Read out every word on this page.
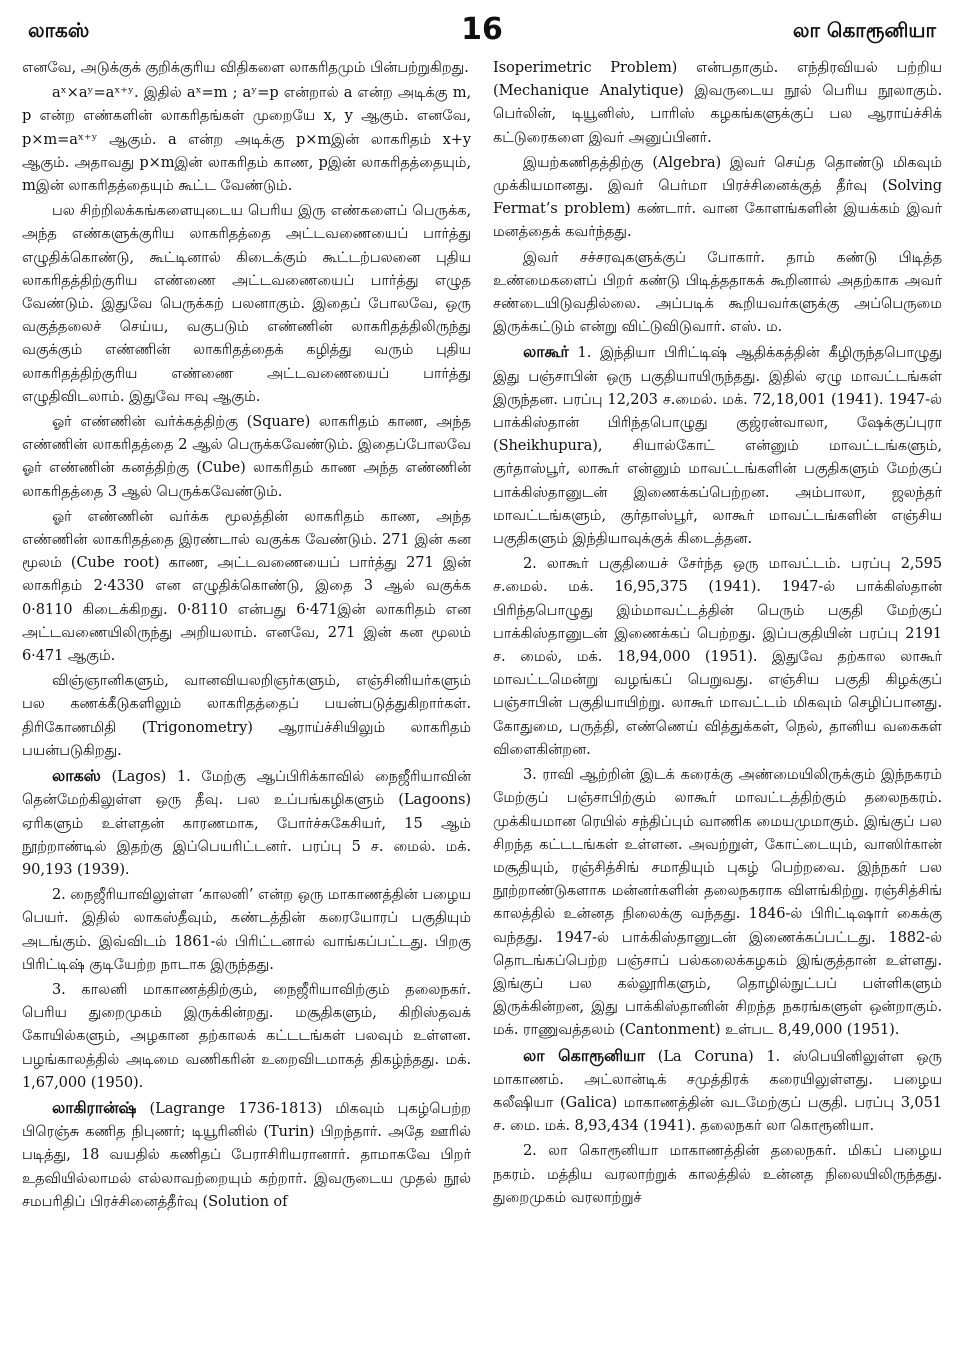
லாகஸ்	16	லா கொரூனியா

எனவே, அடுக்குக் குறிக்குரிய விதிகளை லாகரிதமும் பின்பற்றுகிறது.

aˣ×aʸ=aˣ⁺ʸ. இதில் aˣ=m ; aʸ=p என்றால் a என்ற அடிக்கு m, p என்ற எண்களின் லாகரிதங்கள் முறையே x, y ஆகும். எனவே, p×m=aˣ⁺ʸ ஆகும். a என்ற அடிக்கு p×mஇன் லாகரிதம் x+y ஆகும். அதாவது p×mஇன் லாகரிதம் காண, pஇன் லாகரிதத்தையும், mஇன் லாகரிதத்தையும் கூட்ட வேண்டும்.

பல சிற்றிலக்கங்களையுடைய பெரிய இரு எண்களைப் பெருக்க, அந்த எண்களுக்குரிய லாகரிதத்தை அட்டவணையைப் பார்த்து எழுதிக்கொண்டு, கூட்டினால் கிடைக்கும் கூட்டற்பலனை புதிய லாகரிதத்திற்குரிய எண்ணை அட்டவணையைப் பார்த்து எழுத வேண்டும். இதுவே பெருக்கற் பலனாகும். இதைப் போலவே, ஒரு வகுத்தலைச் செய்ய, வகுபடும் எண்ணின் லாகரிதத்திலிருந்து வகுக்கும் எண்ணின் லாகரிதத்தைக் கழித்து வரும் புதிய லாகரிதத்திற்குரிய எண்ணை அட்டவணையைப் பார்த்து எழுதிவிடலாம். இதுவே ஈவு ஆகும்.

ஓர் எண்ணின் வர்க்கத்திற்கு (Square) லாகரிதம் காண, அந்த எண்ணின் லாகரிதத்தை 2 ஆல் பெருக்கவேண்டும். இதைப்போலவே ஓர் எண்ணின் கனத்திற்கு (Cube) லாகரிதம் காண அந்த எண்ணின் லாகரிதத்தை 3 ஆல் பெருக்கவேண்டும்.

ஓர் எண்ணின் வர்க்க மூலத்தின் லாகரிதம் காண, அந்த எண்ணின் லாகரிதத்தை இரண்டால் வகுக்க வேண்டும். 271 இன் கன மூலம் (Cube root) காண, அட்டவணையைப் பார்த்து 271 இன் லாகரிதம் 2·4330 என எழுதிக்கொண்டு, இதை 3 ஆல் வகுக்க 0·8110 கிடைக்கிறது. 0·8110 என்பது 6·471இன் லாகரிதம் என அட்டவணையிலிருந்து அறியலாம். எனவே, 271 இன் கன மூலம் 6·471 ஆகும்.

விஞ்ஞானிகளும், வானவியலறிஞர்களும், எஞ்சினியர்களும் பல கணக்கீடுகளிலும் லாகரிதத்தைப் பயன்படுத்துகிறார்கள். திரிகோணமிதி (Trigonometry) ஆராய்ச்சியிலும் லாகரிதம் பயன்படுகிறது.

லாகஸ் (Lagos) 1. மேற்கு ஆப்பிரிக்காவில் நைஜீரியாவின் தென்மேற்கிலுள்ள ஒரு தீவு. பல உப்பங்கழிகளும் (Lagoons) ஏரிகளும் உள்ளதன் காரணமாக, போர்ச்சுகேசியர், 15 ஆம் நூற்றாண்டில் இதற்கு இப்பெயரிட்டனர். பரப்பு 5 ச. மைல். மக். 90,193 (1939).

2. நைஜீரியாவிலுள்ள ‘காலனி’ என்ற ஒரு மாகாணத்தின் பழைய பெயர். இதில் லாகஸ்தீவும், கண்டத்தின் கரையோரப் பகுதியும் அடங்கும். இவ்விடம் 1861-ல் பிரிட்டனால் வாங்கப்பட்டது. பிறகு பிரிட்டிஷ் குடியேற்ற நாடாக இருந்தது.

3. காலனி மாகாணத்திற்கும், நைஜீரியாவிற்கும் தலைநகர். பெரிய துறைமுகம் இருக்கின்றது. மசூதிகளும், கிறிஸ்தவக் கோயில்களும், அழகான தற்காலக் கட்டடங்கள் பலவும் உள்ளன. பழங்காலத்தில் அடிமை வணிகரின் உறைவிடமாகத் திகழ்ந்தது. மக். 1,67,000 (1950).

லாகிரான்ஷ் (Lagrange 1736-1813) மிகவும் புகழ்பெற்ற பிரெஞ்சு கணித நிபுணர்; டியூரினில் (Turin) பிறந்தார். அதே ஊரில் படித்து, 18 வயதில் கணிதப் பேராசிரியரானார். தாமாகவே பிறர் உதவியில்லாமல் எல்லாவற்றையும் கற்றார். இவருடைய முதல் நூல் சமபரிதிப் பிரச்சினைத்தீர்வு (Solution of

Isoperimetric Problem) என்பதாகும். எந்திரவியல் பற்றிய (Mechanique Analytique) இவருடைய நூல் பெரிய நூலாகும். பெர்லின், டியூனிஸ், பாரிஸ் கழகங்களுக்குப் பல ஆராய்ச்சிக் கட்டுரைகளை இவர் அனுப்பினர்.

இயற்கணிதத்திற்கு (Algebra) இவர் செய்த தொண்டு மிகவும் முக்கியமானது. இவர் பெர்மா பிரச்சினைக்குத் தீர்வு (Solving Fermat’s problem) கண்டார். வான கோளங்களின் இயக்கம் இவர் மனத்தைக் கவர்ந்தது.

இவர் சச்சரவுகளுக்குப் போகார். தாம் கண்டு பிடித்த உண்மைகளைப் பிறர் கண்டு பிடித்ததாகக் கூறினால் அதற்காக அவர் சண்டையிடுவதில்லை. அப்படிக் கூறியவர்களுக்கு அப்பெருமை இருக்கட்டும் என்று விட்டுவிடுவார். எஸ். ம.

லாகூர் 1. இந்தியா பிரிட்டிஷ் ஆதிக்கத்தின் கீழிருந்தபொழுது இது பஞ்சாபின் ஒரு பகுதியாயிருந்தது. இதில் ஏழு மாவட்டங்கள் இருந்தன. பரப்பு 12,203 ச.மைல். மக். 72,18,001 (1941). 1947-ல் பாக்கிஸ்தான் பிரிந்தபொழுது குஜ்ரன்வாலா, ஷேக்குப்புரா (Sheikhupura), சியால்கோட் என்னும் மாவட்டங்களும், குர்தாஸ்பூர், லாகூர் என்னும் மாவட்டங்களின் பகுதிகளும் மேற்குப் பாக்கிஸ்தானுடன் இணைக்கப்பெற்றன. அம்பாலா, ஜலந்தர் மாவட்டங்களும், குர்தாஸ்பூர், லாகூர் மாவட்டங்களின் எஞ்சிய பகுதிகளும் இந்தியாவுக்குக் கிடைத்தன.

2. லாகூர் பகுதியைச் சேர்ந்த ஒரு மாவட்டம். பரப்பு 2,595 ச.மைல். மக். 16,95,375 (1941). 1947-ல் பாக்கிஸ்தான் பிரிந்தபொழுது இம்மாவட்டத்தின் பெரும் பகுதி மேற்குப் பாக்கிஸ்தானுடன் இணைக்கப் பெற்றது. இப்பகுதியின் பரப்பு 2191 ச. மைல், மக். 18,94,000 (1951). இதுவே தற்கால லாகூர் மாவட்டமென்று வழங்கப் பெறுவது. எஞ்சிய பகுதி கிழக்குப் பஞ்சாபின் பகுதியாயிற்று. லாகூர் மாவட்டம் மிகவும் செழிப்பானது. கோதுமை, பருத்தி, எண்ணெய் வித்துக்கள், நெல், தானிய வகைகள் விளைகின்றன.

3. ராவி ஆற்றின் இடக் கரைக்கு அண்மையிலிருக்கும் இந்நகரம் மேற்குப் பஞ்சாபிற்கும் லாகூர் மாவட்டத்திற்கும் தலைநகரம். முக்கியமான ரெயில் சந்திப்பும் வாணிக மையமுமாகும். இங்குப் பல சிறந்த கட்டடங்கள் உள்ளன. அவற்றுள், கோட்டையும், வாஸிர்கான் மசூதியும், ரஞ்சித்சிங் சமாதியும் புகழ் பெற்றவை. இந்நகர் பல நூற்றாண்டுகளாக மன்னர்களின் தலைநகராக விளங்கிற்று. ரஞ்சித்சிங் காலத்தில் உன்னத நிலைக்கு வந்தது. 1846-ல் பிரிட்டிஷார் கைக்கு வந்தது. 1947-ல் பாக்கிஸ்தானுடன் இணைக்கப்பட்டது. 1882-ல் தொடங்கப்பெற்ற பஞ்சாப் பல்கலைக்கழகம் இங்குத்தான் உள்ளது. இங்குப் பல கல்லூரிகளும், தொழில்நுட்பப் பள்ளிகளும் இருக்கின்றன, இது பாக்கிஸ்தானின் சிறந்த நகரங்களுள் ஒன்றாகும். மக். ராணுவத்தலம் (Cantonment) உள்பட 8,49,000 (1951).

லா கொரூனியா (La Coruna) 1. ஸ்பெயினிலுள்ள ஒரு மாகாணம். அட்லான்டிக் சமுத்திரக் கரையிலுள்ளது. பழைய கலீஷியா (Galica) மாகாணத்தின் வடமேற்குப் பகுதி. பரப்பு 3,051 ச. மை. மக். 8,93,434 (1941). தலைநகர் லா கொரூனியா.

2. லா கொரூனியா மாகாணத்தின் தலைநகர். மிகப் பழைய நகரம். மத்திய வரலாற்றுக் காலத்தில் உன்னத நிலையிலிருந்தது. துறைமுகம் வரலாற்றுச்
